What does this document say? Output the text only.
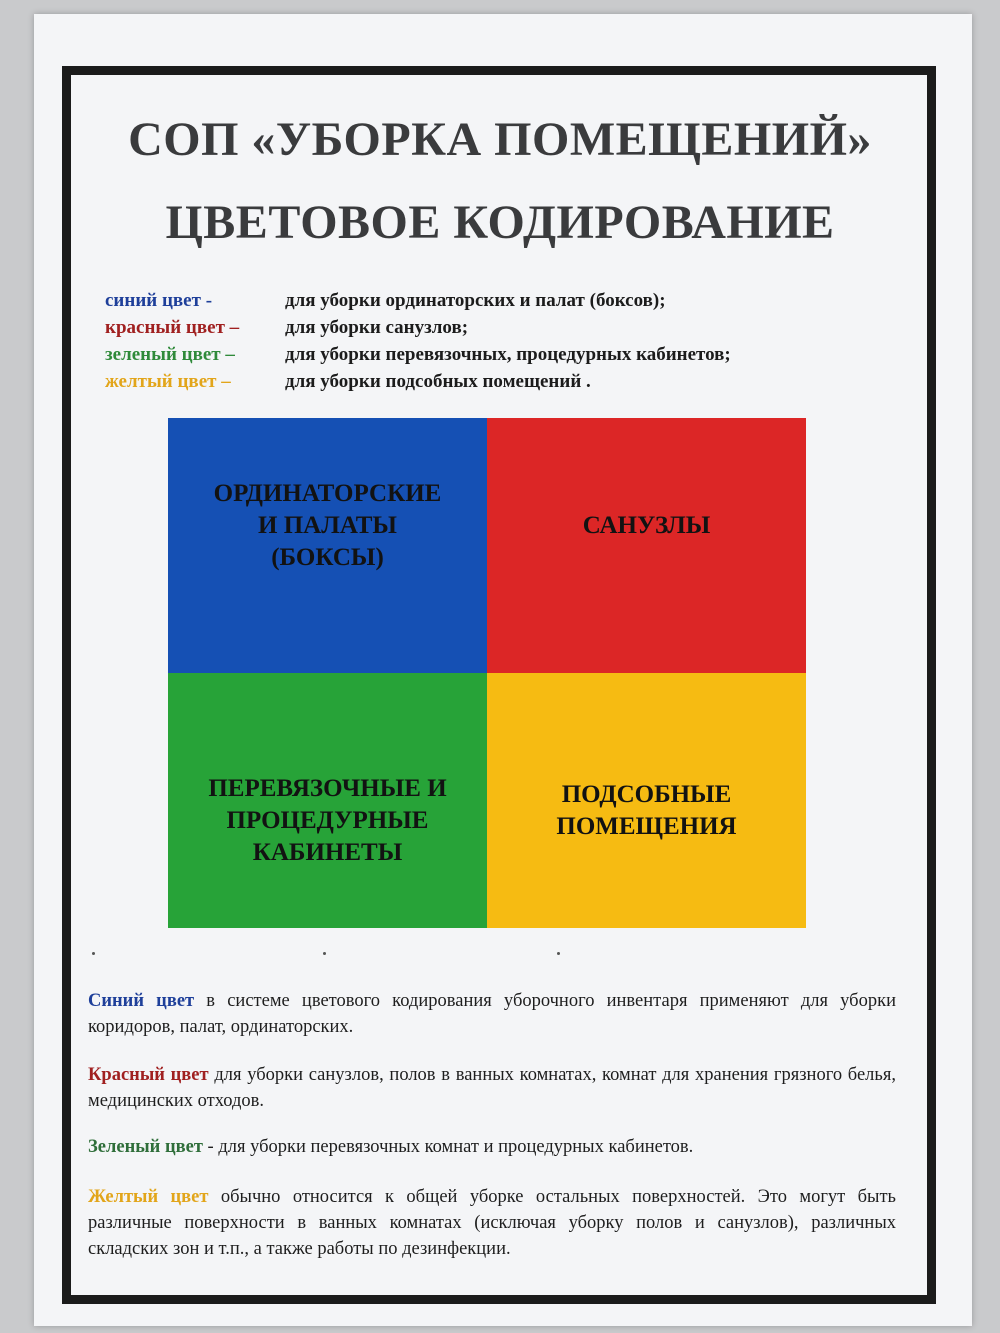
СОП «УБОРКА ПОМЕЩЕНИЙ»
ЦВЕТОВОЕ КОДИРОВАНИЕ
синий цвет -	для уборки ординаторских и палат (боксов);
красный цвет –	для уборки санузлов;
зеленый цвет –	для уборки перевязочных, процедурных кабинетов;
желтый цвет –	для уборки подсобных помещений .
ОРДИНАТОРСКИЕ
И ПАЛАТЫ
(БОКСЫ)
САНУЗЛЫ
ПЕРЕВЯЗОЧНЫЕ И
ПРОЦЕДУРНЫЕ
КАБИНЕТЫ
ПОДСОБНЫЕ
ПОМЕЩЕНИЯ
Синий цвет в системе цветового кодирования уборочного инвентаря применяют для уборки коридоров, палат, ординаторских.
Красный цвет для уборки санузлов, полов в ванных комнатах, комнат для хранения грязного белья, медицинских отходов.
Зеленый цвет - для уборки перевязочных комнат и процедурных кабинетов.
Желтый цвет обычно относится к общей уборке остальных поверхностей. Это могут быть различные поверхности в ванных комнатах (исключая уборку полов и санузлов), различных складских зон и т.п., а также работы по дезинфекции.
